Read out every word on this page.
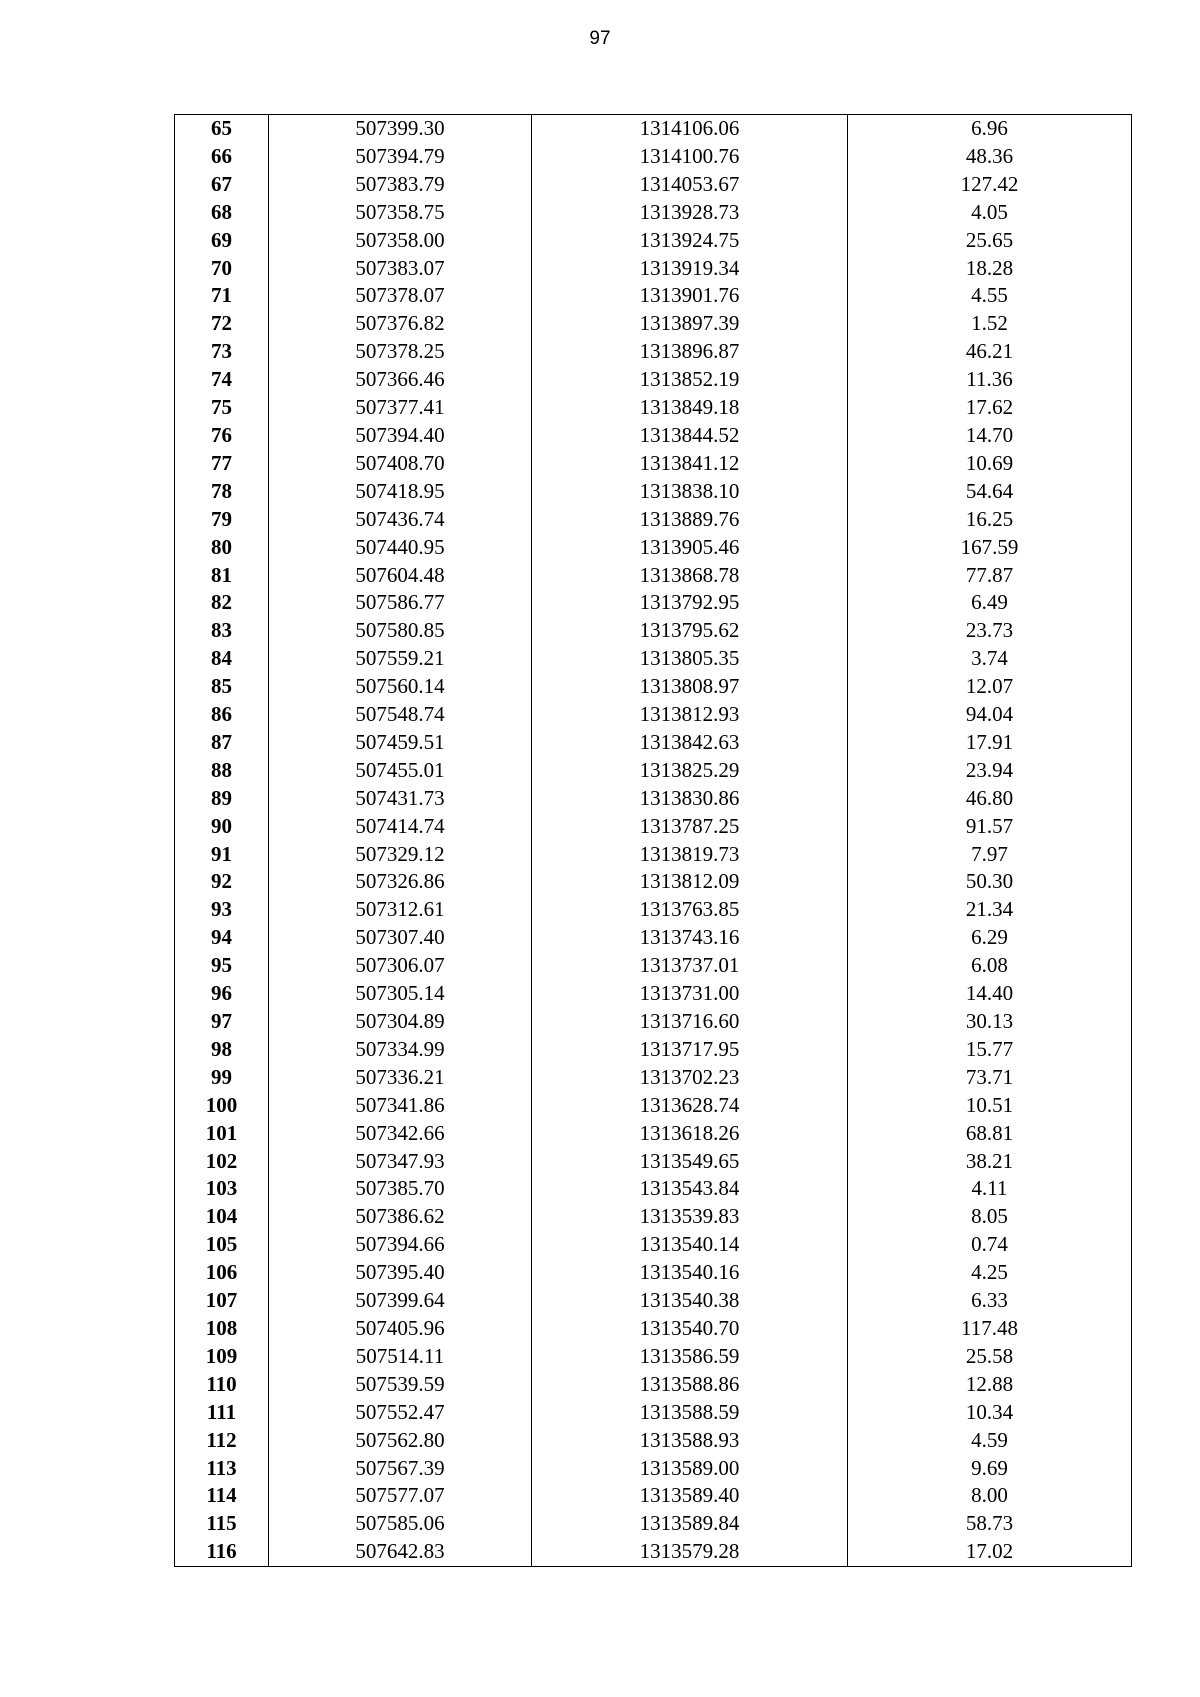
97
65	507399.30	1314106.06	6.96
66	507394.79	1314100.76	48.36
67	507383.79	1314053.67	127.42
68	507358.75	1313928.73	4.05
69	507358.00	1313924.75	25.65
70	507383.07	1313919.34	18.28
71	507378.07	1313901.76	4.55
72	507376.82	1313897.39	1.52
73	507378.25	1313896.87	46.21
74	507366.46	1313852.19	11.36
75	507377.41	1313849.18	17.62
76	507394.40	1313844.52	14.70
77	507408.70	1313841.12	10.69
78	507418.95	1313838.10	54.64
79	507436.74	1313889.76	16.25
80	507440.95	1313905.46	167.59
81	507604.48	1313868.78	77.87
82	507586.77	1313792.95	6.49
83	507580.85	1313795.62	23.73
84	507559.21	1313805.35	3.74
85	507560.14	1313808.97	12.07
86	507548.74	1313812.93	94.04
87	507459.51	1313842.63	17.91
88	507455.01	1313825.29	23.94
89	507431.73	1313830.86	46.80
90	507414.74	1313787.25	91.57
91	507329.12	1313819.73	7.97
92	507326.86	1313812.09	50.30
93	507312.61	1313763.85	21.34
94	507307.40	1313743.16	6.29
95	507306.07	1313737.01	6.08
96	507305.14	1313731.00	14.40
97	507304.89	1313716.60	30.13
98	507334.99	1313717.95	15.77
99	507336.21	1313702.23	73.71
100	507341.86	1313628.74	10.51
101	507342.66	1313618.26	68.81
102	507347.93	1313549.65	38.21
103	507385.70	1313543.84	4.11
104	507386.62	1313539.83	8.05
105	507394.66	1313540.14	0.74
106	507395.40	1313540.16	4.25
107	507399.64	1313540.38	6.33
108	507405.96	1313540.70	117.48
109	507514.11	1313586.59	25.58
110	507539.59	1313588.86	12.88
111	507552.47	1313588.59	10.34
112	507562.80	1313588.93	4.59
113	507567.39	1313589.00	9.69
114	507577.07	1313589.40	8.00
115	507585.06	1313589.84	58.73
116	507642.83	1313579.28	17.02
